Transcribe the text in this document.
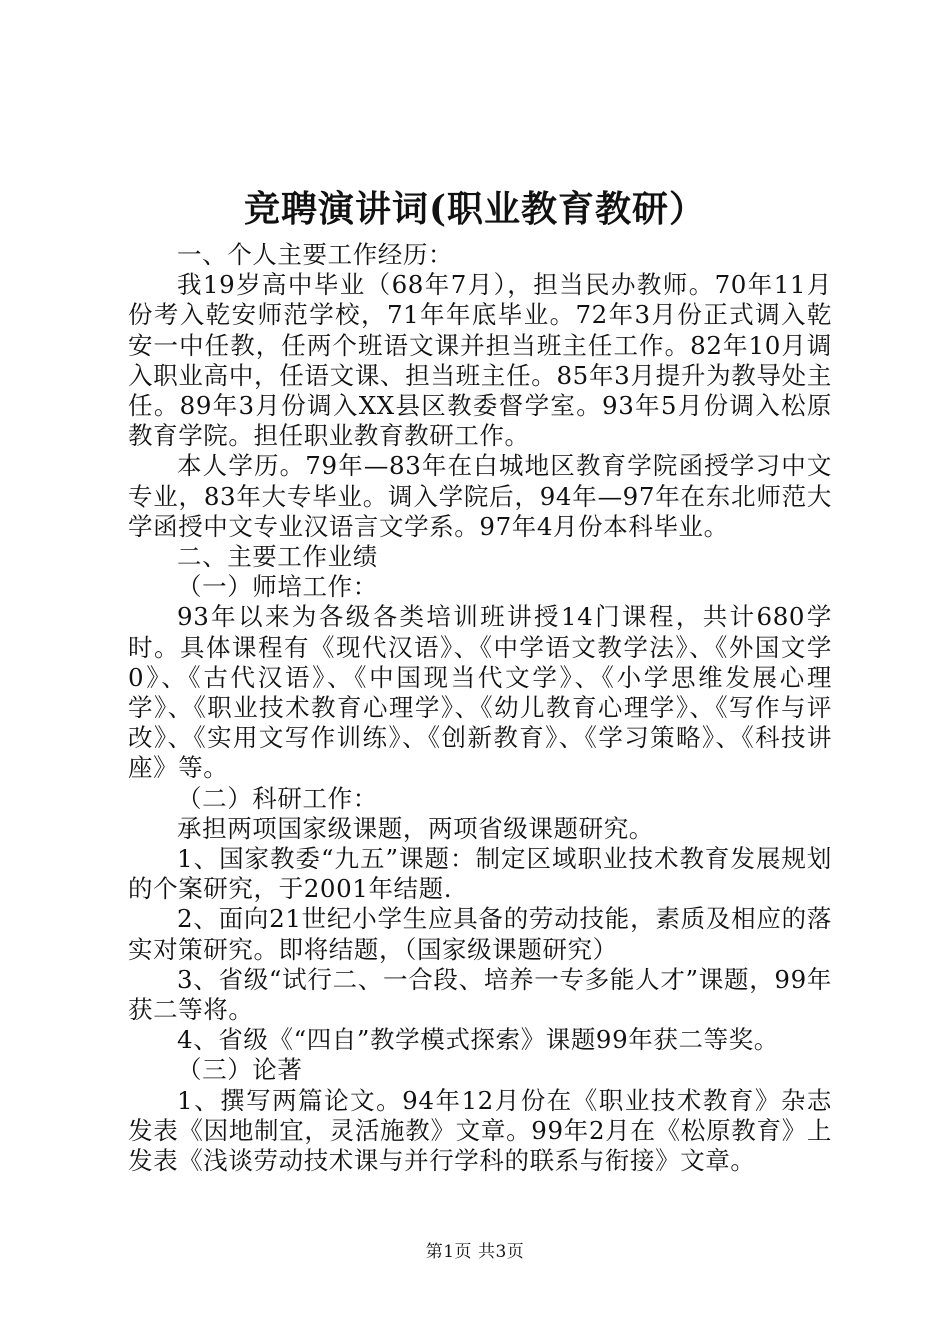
竞聘演讲词(职业教育教研）

一、个人主要工作经历：

我19岁高中毕业（68年7月），担当民办教师。70年11月份考入乾安师范学校，71年年底毕业。72年3月份正式调入乾安一中任教，任两个班语文课并担当班主任工作。82年10月调入职业高中，任语文课、担当班主任。85年3月提升为教导处主任。89年3月份调入XX县区教委督学室。93年5月份调入松原教育学院。担任职业教育教研工作。

本人学历。79年—83年在白城地区教育学院函授学习中文专业，83年大专毕业。调入学院后，94年—97年在东北师范大学函授中文专业汉语言文学系。97年4月份本科毕业。

二、主要工作业绩

（一）师培工作：

93年以来为各级各类培训班讲授14门课程，共计680学时。具体课程有《现代汉语》、《中学语文教学法》、《外国文学0》、《古代汉语》、《中国现当代文学》、《小学思维发展心理学》、《职业技术教育心理学》、《幼儿教育心理学》、《写作与评改》、《实用文写作训练》、《创新教育》、《学习策略》、《科技讲座》等。

（二）科研工作：

承担两项国家级课题，两项省级课题研究。

1、国家教委“九五”课题：制定区域职业技术教育发展规划的个案研究，于2001年结题.

2、面向21世纪小学生应具备的劳动技能，素质及相应的落实对策研究。即将结题，（国家级课题研究）

3、省级“试行二、一合段、培养一专多能人才”课题，99年获二等将。

4、省级《“四自”教学模式探索》课题99年获二等奖。

（三）论著

1、撰写两篇论文。94年12月份在《职业技术教育》杂志发表《因地制宜，灵活施教》文章。99年2月在《松原教育》上发表《浅谈劳动技术课与并行学科的联系与衔接》文章。

第1页 共3页
